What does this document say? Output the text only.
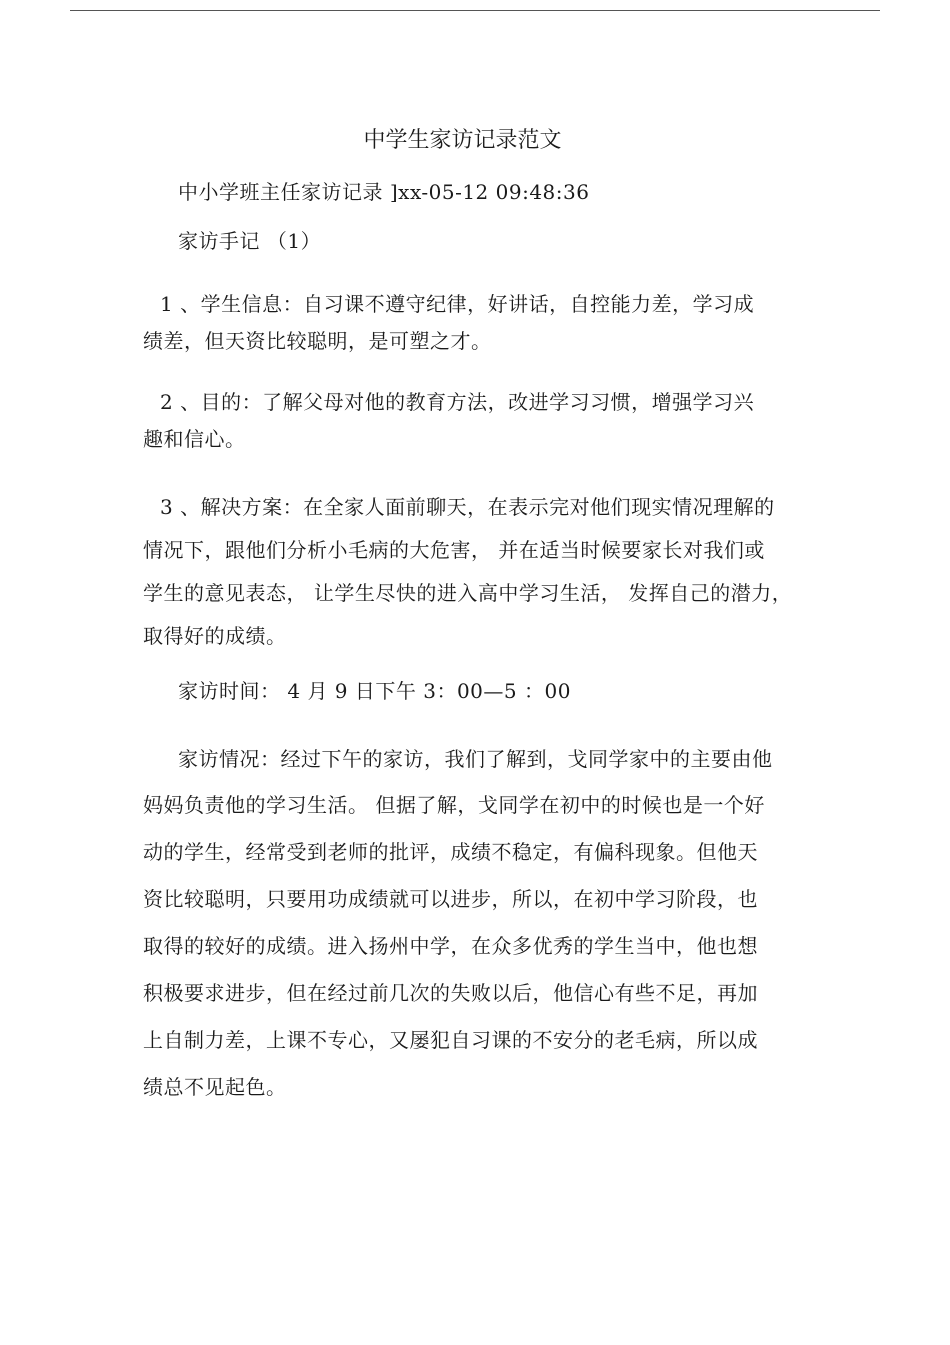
中学生家访记录范文
中小学班主任家访记录 ]xx-05-12 09:48:36
家访手记 （1）
1 、学生信息：自习课不遵守纪律，好讲话，自控能力差，学习成
绩差，但天资比较聪明，是可塑之才。
2 、目的：了解父母对他的教育方法，改进学习习惯，增强学习兴
趣和信心。
3 、解决方案：在全家人面前聊天，在表示完对他们现实情况理解的
情况下，跟他们分析小毛病的大危害， 并在适当时候要家长对我们或
学生的意见表态， 让学生尽快的进入高中学习生活， 发挥自己的潜力，
取得好的成绩。
家访时间： 4 月 9 日下午 3：00—5 ：00
家访情况：经过下午的家访，我们了解到，戈同学家中的主要由他
妈妈负责他的学习生活。 但据了解，戈同学在初中的时候也是一个好
动的学生，经常受到老师的批评，成绩不稳定，有偏科现象。但他天
资比较聪明，只要用功成绩就可以进步，所以，在初中学习阶段，也
取得的较好的成绩。进入扬州中学，在众多优秀的学生当中，他也想
积极要求进步，但在经过前几次的失败以后，他信心有些不足，再加
上自制力差，上课不专心，又屡犯自习课的不安分的老毛病，所以成
绩总不见起色。
